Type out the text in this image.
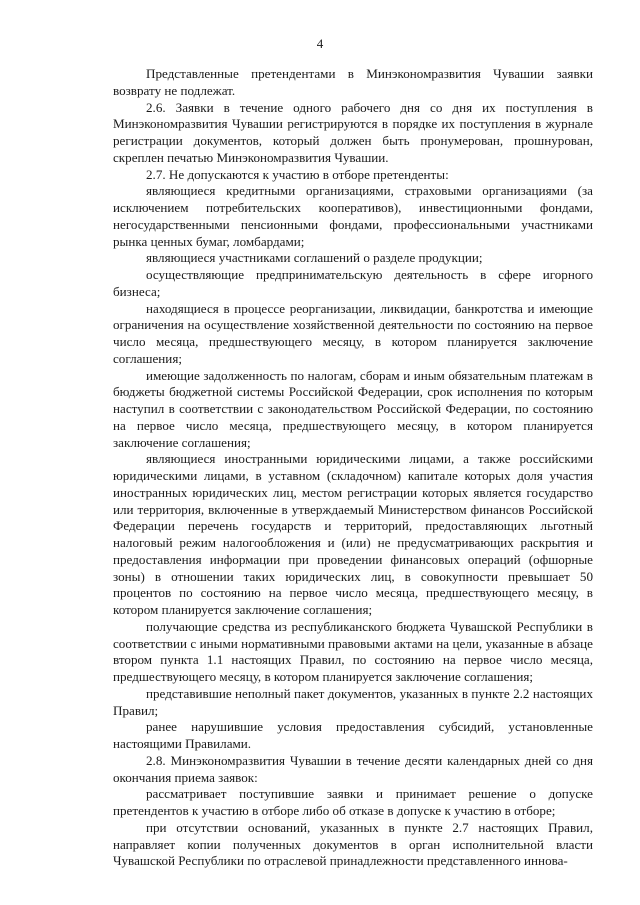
4

Представленные претендентами в Минэкономразвития Чувашии заявки возврату не подлежат.

2.6. Заявки в течение одного рабочего дня со дня их поступления в Минэкономразвития Чувашии регистрируются в порядке их поступления в журнале регистрации документов, который должен быть пронумерован, прошнурован, скреплен печатью Минэкономразвития Чувашии.

2.7. Не допускаются к участию в отборе претенденты:

являющиеся кредитными организациями, страховыми организациями (за исключением потребительских кооперативов), инвестиционными фондами, негосударственными пенсионными фондами, профессиональными участниками рынка ценных бумаг, ломбардами;

являющиеся участниками соглашений о разделе продукции;

осуществляющие предпринимательскую деятельность в сфере игорного бизнеса;

находящиеся в процессе реорганизации, ликвидации, банкротства и имеющие ограничения на осуществление хозяйственной деятельности по состоянию на первое число месяца, предшествующего месяцу, в котором планируется заключение соглашения;

имеющие задолженность по налогам, сборам и иным обязательным платежам в бюджеты бюджетной системы Российской Федерации, срок исполнения по которым наступил в соответствии с законодательством Российской Федерации, по состоянию на первое число месяца, предшествующего месяцу, в котором планируется заключение соглашения;

являющиеся иностранными юридическими лицами, а также российскими юридическими лицами, в уставном (складочном) капитале которых доля участия иностранных юридических лиц, местом регистрации которых является государство или территория, включенные в утверждаемый Министерством финансов Российской Федерации перечень государств и территорий, предоставляющих льготный налоговый режим налогообложения и (или) не предусматривающих раскрытия и предоставления информации при проведении финансовых операций (офшорные зоны) в отношении таких юридических лиц, в совокупности превышает 50 процентов по состоянию на первое число месяца, предшествующего месяцу, в котором планируется заключение соглашения;

получающие средства из республиканского бюджета Чувашской Республики в соответствии с иными нормативными правовыми актами на цели, указанные в абзаце втором пункта 1.1 настоящих Правил, по состоянию на первое число месяца, предшествующего месяцу, в котором планируется заключение соглашения;

представившие неполный пакет документов, указанных в пункте 2.2 настоящих Правил;

ранее нарушившие условия предоставления субсидий, установленные настоящими Правилами.

2.8. Минэкономразвития Чувашии в течение десяти календарных дней со дня окончания приема заявок:

рассматривает поступившие заявки и принимает решение о допуске претендентов к участию в отборе либо об отказе в допуске к участию в отборе;

при отсутствии оснований, указанных в пункте 2.7 настоящих Правил, направляет копии полученных документов в орган исполнительной власти Чувашской Республики по отраслевой принадлежности представленного иннова-
